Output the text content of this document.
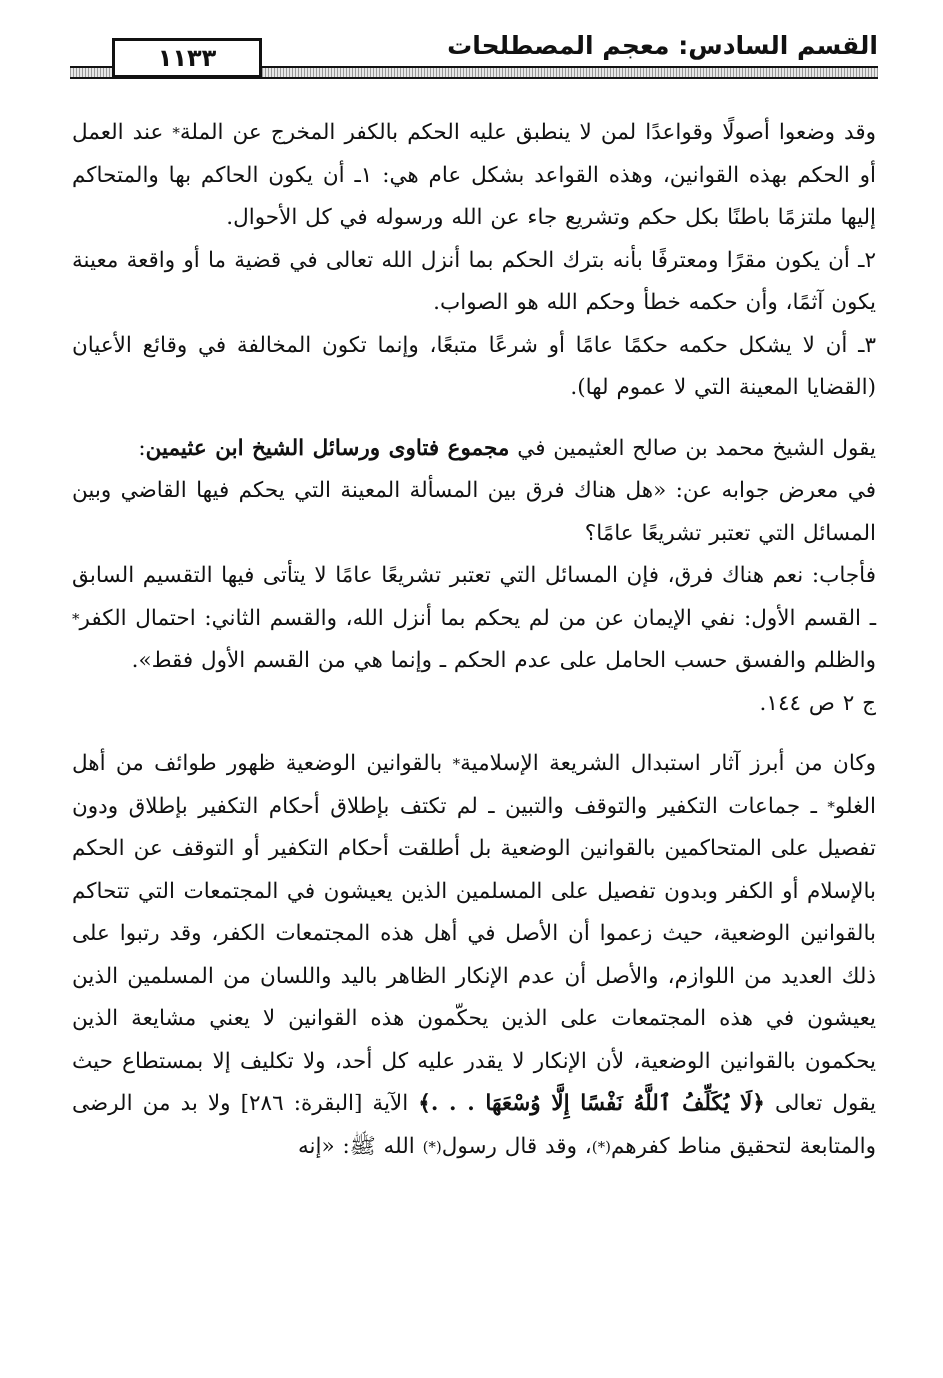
القسم السادس: معجم المصطلحات
١١٣٣

وقد وضعوا أصولًا وقواعدًا لمن لا ينطبق عليه الحكم بالكفر المخرج عن الملة* عند العمل أو الحكم بهذه القوانين، وهذه القواعد بشكل عام هي: ١ـ أن يكون الحاكم بها والمتحاكم إليها ملتزمًا باطنًا بكل حكم وتشريع جاء عن الله ورسوله في كل الأحوال.

٢ـ أن يكون مقرًا ومعترفًا بأنه بترك الحكم بما أنزل الله تعالى في قضية ما أو واقعة معينة يكون آثمًا، وأن حكمه خطأ وحكم الله هو الصواب.

٣ـ أن لا يشكل حكمه حكمًا عامًا أو شرعًا متبعًا، وإنما تكون المخالفة في وقائع الأعيان (القضايا المعينة التي لا عموم لها).

يقول الشيخ محمد بن صالح العثيمين في مجموع فتاوى ورسائل الشيخ ابن عثيمين:

في معرض جوابه عن: «هل هناك فرق بين المسألة المعينة التي يحكم فيها القاضي وبين المسائل التي تعتبر تشريعًا عامًا؟

فأجاب: نعم هناك فرق، فإن المسائل التي تعتبر تشريعًا عامًا لا يتأتى فيها التقسيم السابق ـ القسم الأول: نفي الإيمان عن من لم يحكم بما أنزل الله، والقسم الثاني: احتمال الكفر* والظلم والفسق حسب الحامل على عدم الحكم ـ وإنما هي من القسم الأول فقط».

ج ٢ ص ١٤٤.

وكان من أبرز آثار استبدال الشريعة الإسلامية* بالقوانين الوضعية ظهور طوائف من أهل الغلو* ـ جماعات التكفير والتوقف والتبين ـ لم تكتف بإطلاق أحكام التكفير بإطلاق ودون تفصيل على المتحاكمين بالقوانين الوضعية بل أطلقت أحكام التكفير أو التوقف عن الحكم بالإسلام أو الكفر وبدون تفصيل على المسلمين الذين يعيشون في المجتمعات التي تتحاكم بالقوانين الوضعية، حيث زعموا أن الأصل في أهل هذه المجتمعات الكفر، وقد رتبوا على ذلك العديد من اللوازم، والأصل أن عدم الإنكار الظاهر باليد واللسان من المسلمين الذين يعيشون في هذه المجتمعات على الذين يحكّمون هذه القوانين لا يعني مشايعة الذين يحكمون بالقوانين الوضعية، لأن الإنكار لا يقدر عليه كل أحد، ولا تكليف إلا بمستطاع حيث يقول تعالى ﴿لَا يُكَلِّفُ ٱللَّهُ نَفْسًا إِلَّا وُسْعَهَا . . .﴾ الآية [البقرة: ٢٨٦] ولا بد من الرضى والمتابعة لتحقيق مناط كفرهم(*)، وقد قال رسول(*) الله ﷺ: «إنه
